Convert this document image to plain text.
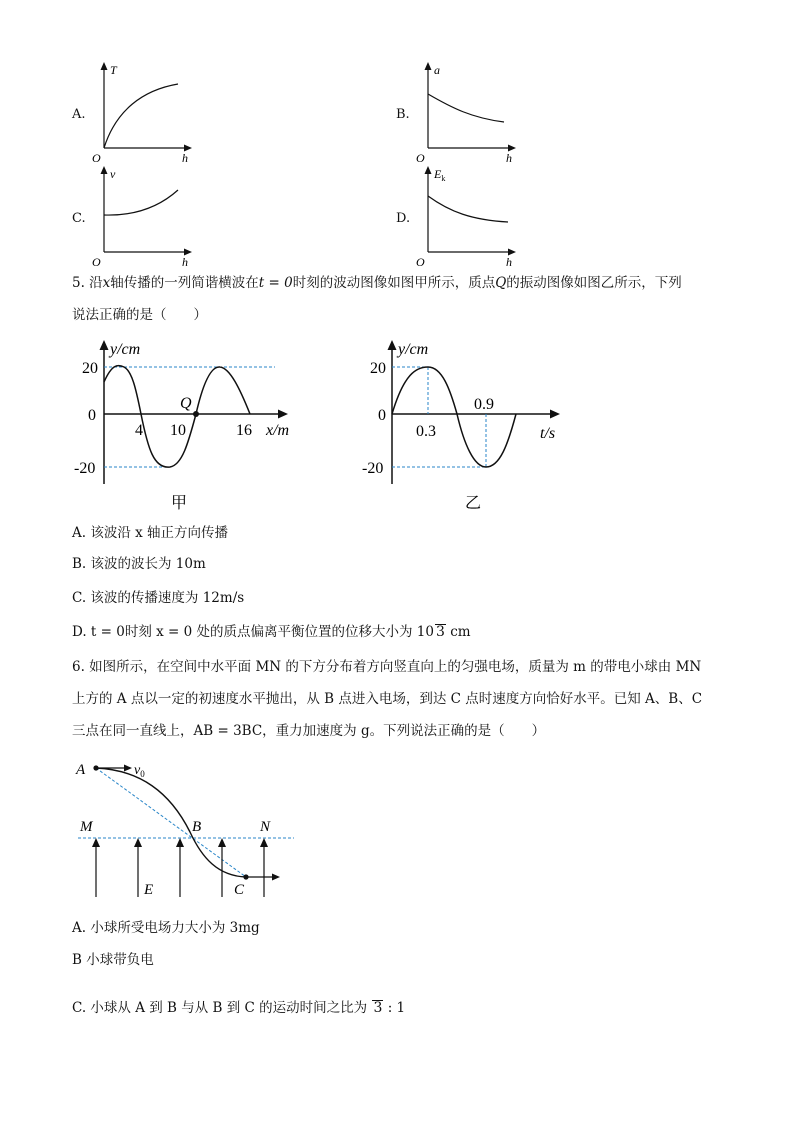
A.
T
h
O
B.
a
h
O
C.
v
h
O
D.
$E_k$
h
O
5. 沿x轴传播的一列简谐横波在t = 0时刻的波动图像如图甲所示，质点Q的振动图像如图乙所示，下列
说法正确的是（　　）
y/cm
x/m
20
0
-20
4 10	16
Q
甲
y/cm
t/s
20
0
-20
0.3
0.9
乙
A. 该波沿 x 轴正方向传播
B. 该波的波长为 10m
C. 该波的传播速度为 12m/s
D. t = 0时刻 x = 0 处的质点偏离平衡位置的位移大小为 10 3 cm
6. 如图所示，在空间中水平面 MN 的下方分布着方向竖直向上的匀强电场，质量为 m 的带电小球由 MN
上方的 A 点以一定的初速度水平抛出，从 B 点进入电场，到达 C 点时速度方向恰好水平。已知 A、B、C
三点在同一直线上，AB = 3BC，重力加速度为 g。下列说法正确的是（　　）
A	$v_0$
M	B	N
E	C
A. 小球所受电场力大小为 3mg
B 小球带负电
C. 小球从 A 到 B 与从 B 到 C 的运动时间之比为 3 : 1
